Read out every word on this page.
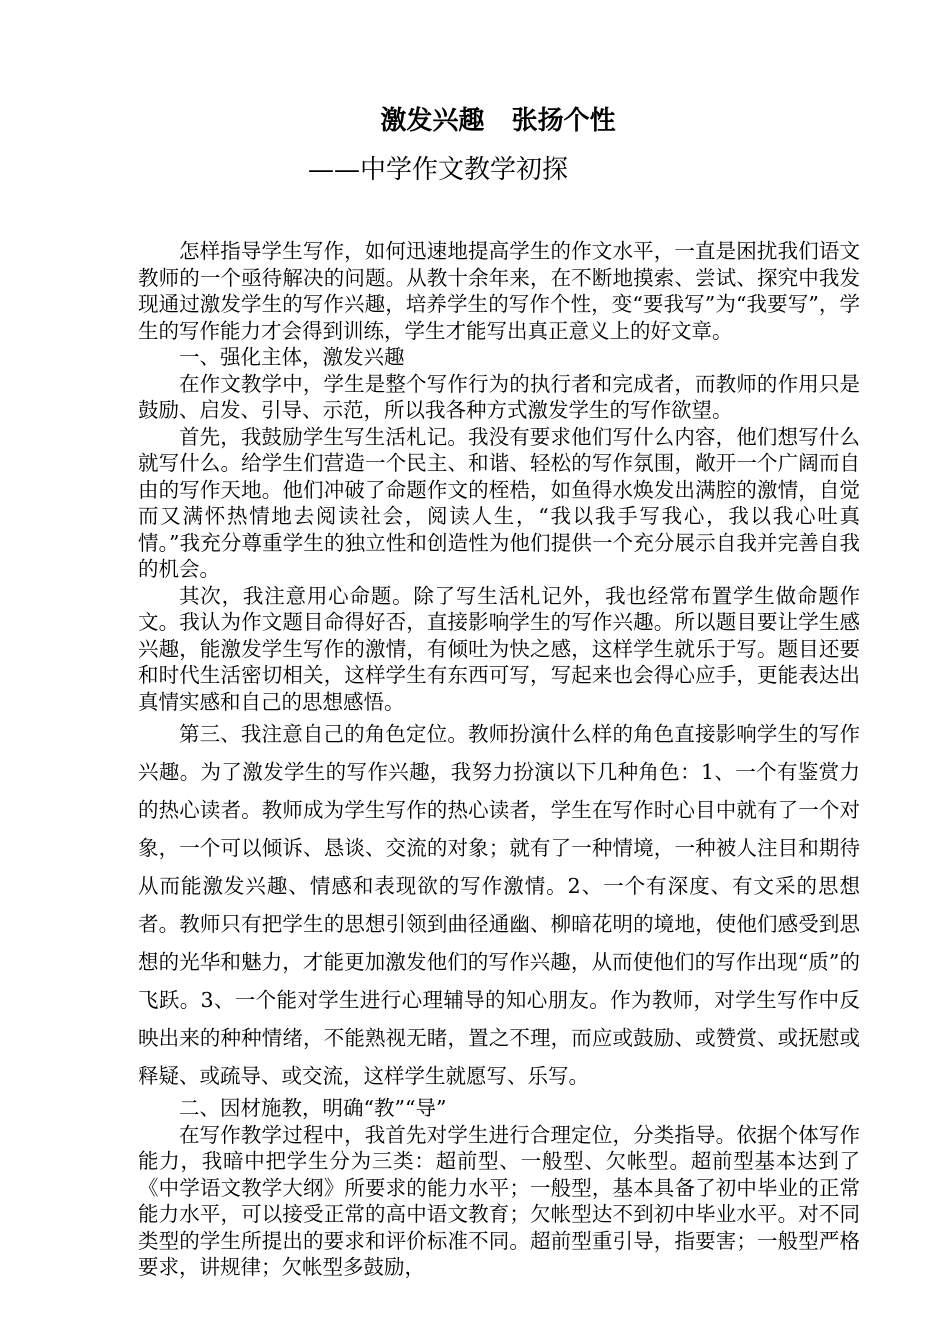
激发兴趣   张扬个性
——中学作文教学初探

怎样指导学生写作，如何迅速地提高学生的作文水平，一直是困扰我们语文教师的一个亟待解决的问题。从教十余年来，在不断地摸索、尝试、探究中我发现通过激发学生的写作兴趣，培养学生的写作个性，变“要我写”为“我要写”，学生的写作能力才会得到训练，学生才能写出真正意义上的好文章。

一、强化主体，激发兴趣

在作文教学中，学生是整个写作行为的执行者和完成者，而教师的作用只是鼓励、启发、引导、示范，所以我各种方式激发学生的写作欲望。

首先，我鼓励学生写生活札记。我没有要求他们写什么内容，他们想写什么就写什么。给学生们营造一个民主、和谐、轻松的写作氛围，敞开一个广阔而自由的写作天地。他们冲破了命题作文的桎梏，如鱼得水焕发出满腔的激情，自觉而又满怀热情地去阅读社会，阅读人生，“我以我手写我心，我以我心吐真情。”我充分尊重学生的独立性和创造性为他们提供一个充分展示自我并完善自我的机会。

其次，我注意用心命题。除了写生活札记外，我也经常布置学生做命题作文。我认为作文题目命得好否，直接影响学生的写作兴趣。所以题目要让学生感兴趣，能激发学生写作的激情，有倾吐为快之感，这样学生就乐于写。题目还要和时代生活密切相关，这样学生有东西可写，写起来也会得心应手，更能表达出真情实感和自己的思想感悟。

第三、我注意自己的角色定位。教师扮演什么样的角色直接影响学生的写作兴趣。为了激发学生的写作兴趣，我努力扮演以下几种角色：1、一个有鉴赏力的热心读者。教师成为学生写作的热心读者，学生在写作时心目中就有了一个对象，一个可以倾诉、恳谈、交流的对象；就有了一种情境，一种被人注目和期待从而能激发兴趣、情感和表现欲的写作激情。2、一个有深度、有文采的思想者。教师只有把学生的思想引领到曲径通幽、柳暗花明的境地，使他们感受到思想的光华和魅力，才能更加激发他们的写作兴趣，从而使他们的写作出现“质”的飞跃。3、一个能对学生进行心理辅导的知心朋友。作为教师，对学生写作中反映出来的种种情绪，不能熟视无睹，置之不理，而应或鼓励、或赞赏、或抚慰或释疑、或疏导、或交流，这样学生就愿写、乐写。

二、因材施教，明确“教”“导”

在写作教学过程中，我首先对学生进行合理定位，分类指导。依据个体写作能力，我暗中把学生分为三类：超前型、一般型、欠帐型。超前型基本达到了《中学语文教学大纲》所要求的能力水平；一般型，基本具备了初中毕业的正常能力水平，可以接受正常的高中语文教育；欠帐型达不到初中毕业水平。对不同类型的学生所提出的要求和评价标准不同。超前型重引导，指要害；一般型严格要求，讲规律；欠帐型多鼓励，
